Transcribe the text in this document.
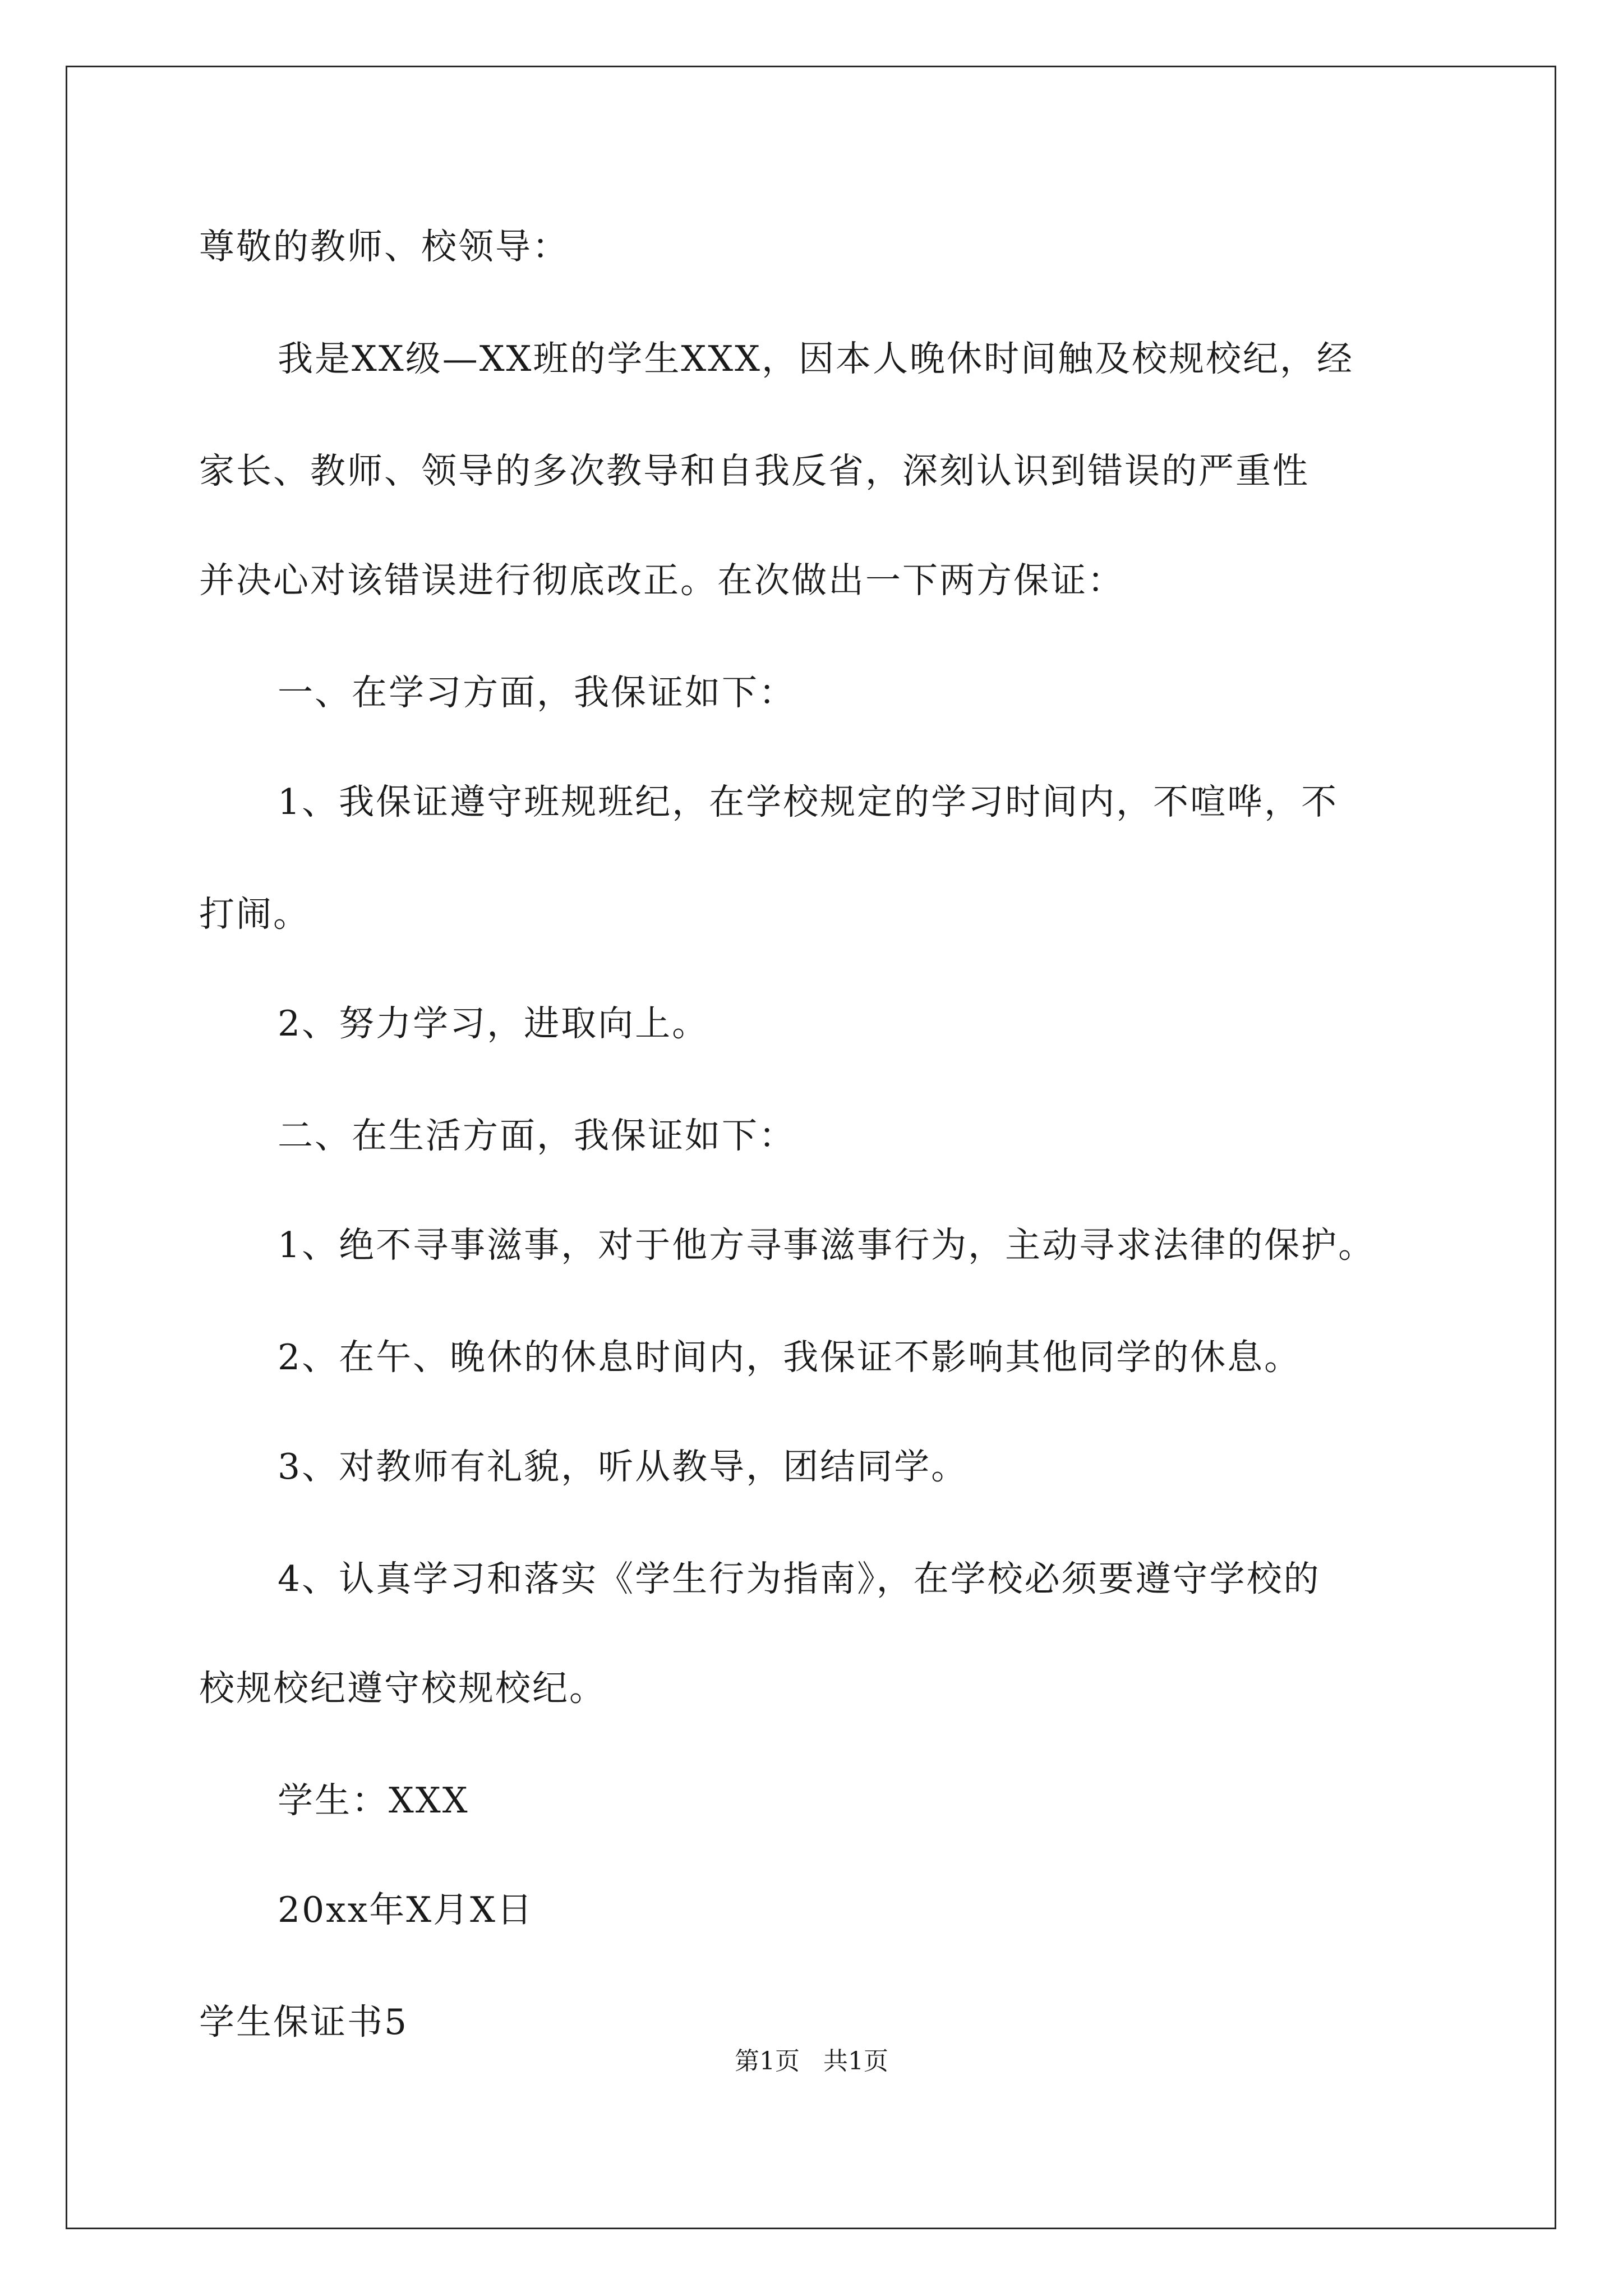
尊敬的教师、校领导：
我是XX级—XX班的学生XXX，因本人晚休时间触及校规校纪，经
家长、教师、领导的多次教导和自我反省，深刻认识到错误的严重性
并决心对该错误进行彻底改正。在次做出一下两方保证：
一、在学习方面，我保证如下：
1、我保证遵守班规班纪，在学校规定的学习时间内，不喧哗，不
打闹。
2、努力学习，进取向上。
二、在生活方面，我保证如下：
1、绝不寻事滋事，对于他方寻事滋事行为，主动寻求法律的保护。
2、在午、晚休的休息时间内，我保证不影响其他同学的休息。
3、对教师有礼貌，听从教导，团结同学。
4、认真学习和落实《学生行为指南》，在学校必须要遵守学校的
校规校纪遵守校规校纪。
学生：XXX
20xx年X月X日
学生保证书5
第1页   共1页
